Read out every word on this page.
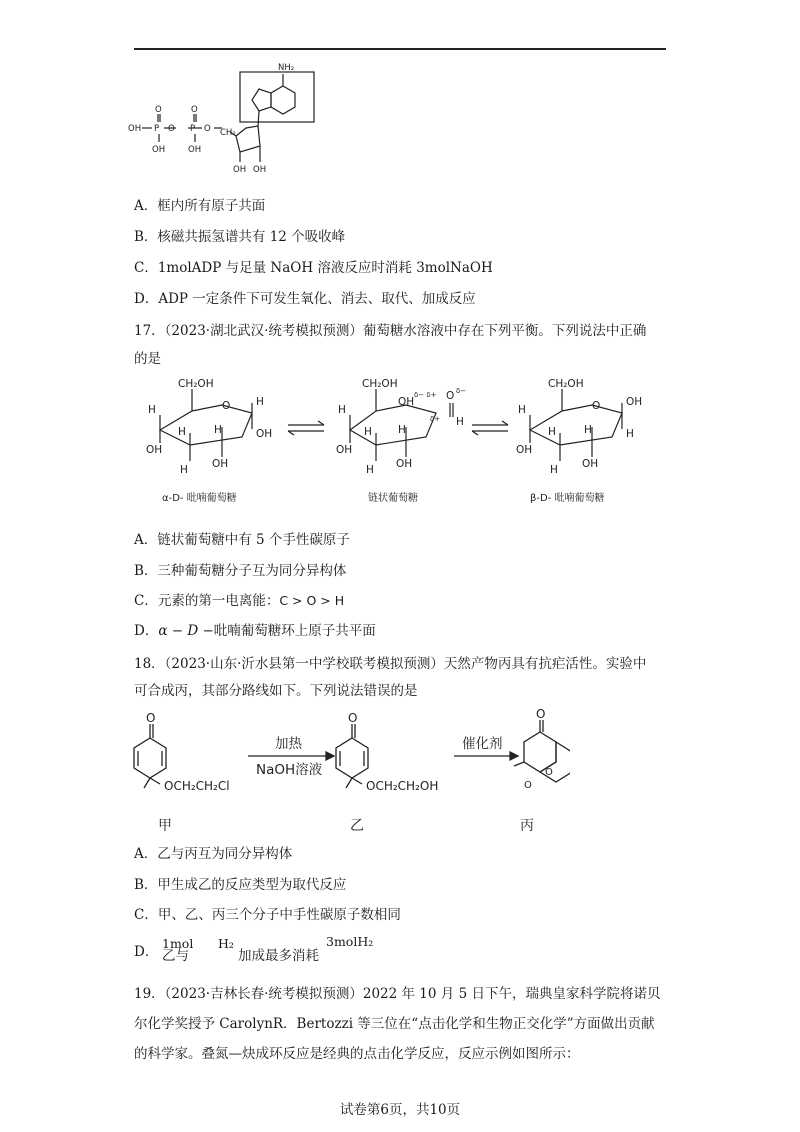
NH₂
OH P O P O CH₂
O	O
OH	OH
OH OH
A．框内所有原子共面
B．核磁共振氢谱共有 12 个吸收峰
C．1molADP 与足量 NaOH 溶液反应时消耗 3molNaOH
D．ADP 一定条件下可发生氧化、消去、取代、加成反应
17．（2023·湖北武汉·统考模拟预测）葡萄糖水溶液中存在下列平衡。下列说法中正确
的是
CH₂OH
O
H
H
H	H
OH
OH
OH
H
CH₂OH
OH
δ− δ+ O δ−
δ+ H
H
H H
OH
H OH
CH₂OH
O
H
OH
H	H
OH
OH
H
H
α-D- 吡喃葡萄糖	链状葡萄糖	β-D- 吡喃葡萄糖
A．链状葡萄糖中有 5 个手性碳原子
B．三种葡萄糖分子互为同分异构体
C．元素的第一电离能：C > O > H
D．α − D −吡喃葡萄糖环上原子共平面
18．（2023·山东·沂水县第一中学校联考模拟预测）天然产物丙具有抗疟活性。实验中
可合成丙，其部分路线如下。下列说法错误的是
O
OCH₂CH₂Cl
O
OCH₂CH₂OH
O
O
O
加热
NaOH溶液
催化剂
甲	乙	丙
A．乙与丙互为同分异构体
B．甲生成乙的反应类型为取代反应
C．甲、乙、丙三个分子中手性碳原子数相同
D．
1mol
乙与
H₂
加成最多消耗
3molH₂
19．（2023·吉林长春·统考模拟预测）2022 年 10 月 5 日下午，瑞典皇家科学院将诺贝
尔化学奖授予 CarolynR．Bertozzi 等三位在“点击化学和生物正交化学”方面做出贡献
的科学家。叠氮—炔成环反应是经典的点击化学反应，反应示例如图所示：
试卷第6页，共10页
